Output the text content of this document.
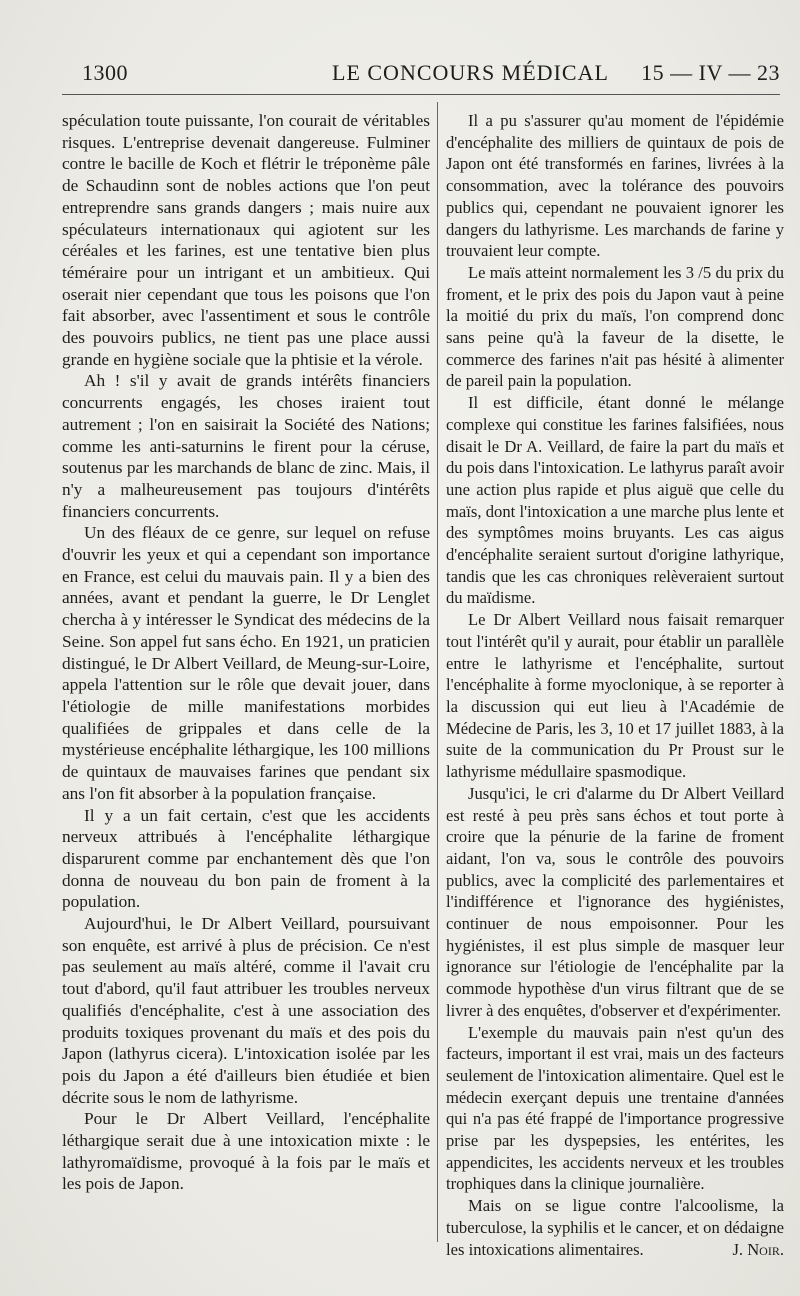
1300	LE CONCOURS MÉDICAL 15 — IV — 23

spéculation toute puissante, l'on courait de véritables risques. L'entreprise devenait dangereuse. Fulminer contre le bacille de Koch et flétrir le tréponème pâle de Schaudinn sont de nobles actions que l'on peut entreprendre sans grands dangers ; mais nuire aux spéculateurs internationaux qui agiotent sur les céréales et les farines, est une tentative bien plus téméraire pour un intrigant et un ambitieux. Qui oserait nier cependant que tous les poisons que l'on fait absorber, avec l'assentiment et sous le contrôle des pouvoirs publics, ne tient pas une place aussi grande en hygiène sociale que la phtisie et la vérole.

Ah ! s'il y avait de grands intérêts financiers concurrents engagés, les choses iraient tout autrement ; l'on en saisirait la Société des Nations; comme les anti-saturnins le firent pour la céruse, soutenus par les marchands de blanc de zinc. Mais, il n'y a malheureusement pas toujours d'intérêts financiers concurrents.

Un des fléaux de ce genre, sur lequel on refuse d'ouvrir les yeux et qui a cependant son importance en France, est celui du mauvais pain. Il y a bien des années, avant et pendant la guerre, le Dr Lenglet chercha à y intéresser le Syndicat des médecins de la Seine. Son appel fut sans écho. En 1921, un praticien distingué, le Dr Albert Veillard, de Meung-sur-Loire, appela l'attention sur le rôle que devait jouer, dans l'étiologie de mille manifestations morbides qualifiées de grippales et dans celle de la mystérieuse encéphalite léthargique, les 100 millions de quintaux de mauvaises farines que pendant six ans l'on fit absorber à la population française.

Il y a un fait certain, c'est que les accidents nerveux attribués à l'encéphalite léthargique disparurent comme par enchantement dès que l'on donna de nouveau du bon pain de froment à la population.

Aujourd'hui, le Dr Albert Veillard, poursuivant son enquête, est arrivé à plus de précision. Ce n'est pas seulement au maïs altéré, comme il l'avait cru tout d'abord, qu'il faut attribuer les troubles nerveux qualifiés d'encéphalite, c'est à une association des produits toxiques provenant du maïs et des pois du Japon (lathyrus cicera). L'intoxication isolée par les pois du Japon a été d'ailleurs bien étudiée et bien décrite sous le nom de lathyrisme.

Pour le Dr Albert Veillard, l'encéphalite léthargique serait due à une intoxication mixte : le lathyromaïdisme, provoqué à la fois par le maïs et les pois de Japon.

Il a pu s'assurer qu'au moment de l'épidémie d'encéphalite des milliers de quintaux de pois de Japon ont été transformés en farines, livrées à la consommation, avec la tolérance des pouvoirs publics qui, cependant ne pouvaient ignorer les dangers du lathyrisme. Les marchands de farine y trouvaient leur compte.

Le maïs atteint normalement les 3 /5 du prix du froment, et le prix des pois du Japon vaut à peine la moitié du prix du maïs, l'on comprend donc sans peine qu'à la faveur de la disette, le commerce des farines n'ait pas hésité à alimenter de pareil pain la population.

Il est difficile, étant donné le mélange complexe qui constitue les farines falsifiées, nous disait le Dr A. Veillard, de faire la part du maïs et du pois dans l'intoxication. Le lathyrus paraît avoir une action plus rapide et plus aiguë que celle du maïs, dont l'intoxication a une marche plus lente et des symptômes moins bruyants. Les cas aigus d'encéphalite seraient surtout d'origine lathyrique, tandis que les cas chroniques relèveraient surtout du maïdisme.

Le Dr Albert Veillard nous faisait remarquer tout l'intérêt qu'il y aurait, pour établir un parallèle entre le lathyrisme et l'encéphalite, surtout l'encéphalite à forme myoclonique, à se reporter à la discussion qui eut lieu à l'Académie de Médecine de Paris, les 3, 10 et 17 juillet 1883, à la suite de la communication du Pr Proust sur le lathyrisme médullaire spasmodique.

Jusqu'ici, le cri d'alarme du Dr Albert Veillard est resté à peu près sans échos et tout porte à croire que la pénurie de la farine de froment aidant, l'on va, sous le contrôle des pouvoirs publics, avec la complicité des parlementaires et l'indifférence et l'ignorance des hygiénistes, continuer de nous empoisonner. Pour les hygiénistes, il est plus simple de masquer leur ignorance sur l'étiologie de l'encéphalite par la commode hypothèse d'un virus filtrant que de se livrer à des enquêtes, d'observer et d'expérimenter.

L'exemple du mauvais pain n'est qu'un des facteurs, important il est vrai, mais un des facteurs seulement de l'intoxication alimentaire. Quel est le médecin exerçant depuis une trentaine d'années qui n'a pas été frappé de l'importance progressive prise par les dyspepsies, les entérites, les appendicites, les accidents nerveux et les troubles trophiques dans la clinique journalière.

Mais on se ligue contre l'alcoolisme, la tuberculose, la syphilis et le cancer, et on dédaigne les intoxications alimentaires.	J. Noir.
